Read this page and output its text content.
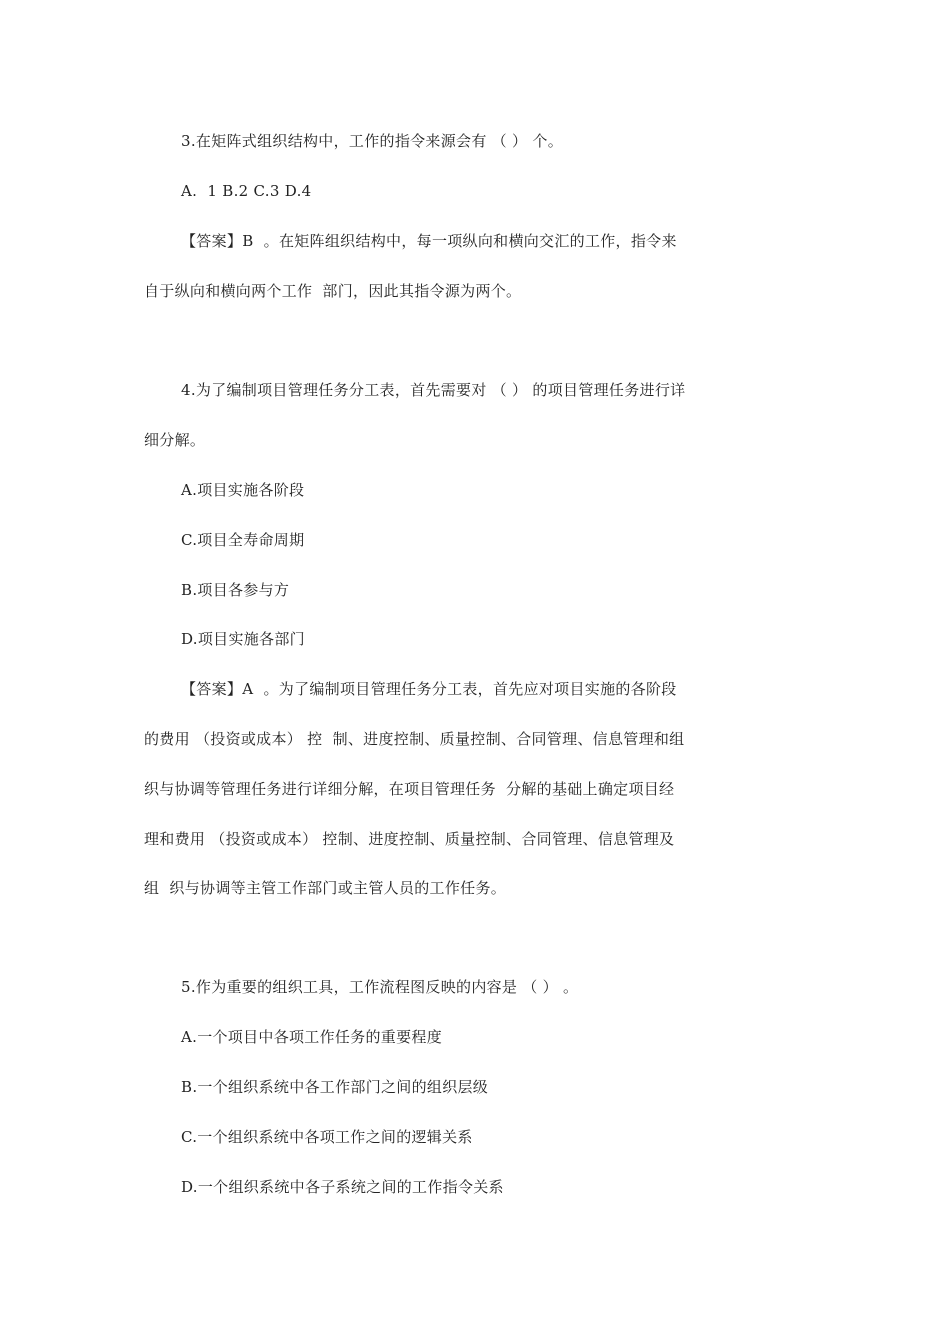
3.在矩阵式组织结构中，工作的指令来源会有 （ ） 个。
A.  1 B.2 C.3 D.4
【答案】B  。在矩阵组织结构中，每一项纵向和横向交汇的工作，指令来
自于纵向和横向两个工作  部门，因此其指令源为两个。
4.为了编制项目管理任务分工表，首先需要对 （ ） 的项目管理任务进行详
细分解。
A.项目实施各阶段
C.项目全寿命周期
B.项目各参与方
D.项目实施各部门
【答案】A  。为了编制项目管理任务分工表，首先应对项目实施的各阶段
的费用 （投资或成本） 控  制、进度控制、质量控制、合同管理、信息管理和组
织与协调等管理任务进行详细分解，在项目管理任务  分解的基础上确定项目经
理和费用 （投资或成本） 控制、进度控制、质量控制、合同管理、信息管理及
组  织与协调等主管工作部门或主管人员的工作任务。
5.作为重要的组织工具，工作流程图反映的内容是 （ ） 。
A.一个项目中各项工作任务的重要程度
B.一个组织系统中各工作部门之间的组织层级
C.一个组织系统中各项工作之间的逻辑关系
D.一个组织系统中各子系统之间的工作指令关系
